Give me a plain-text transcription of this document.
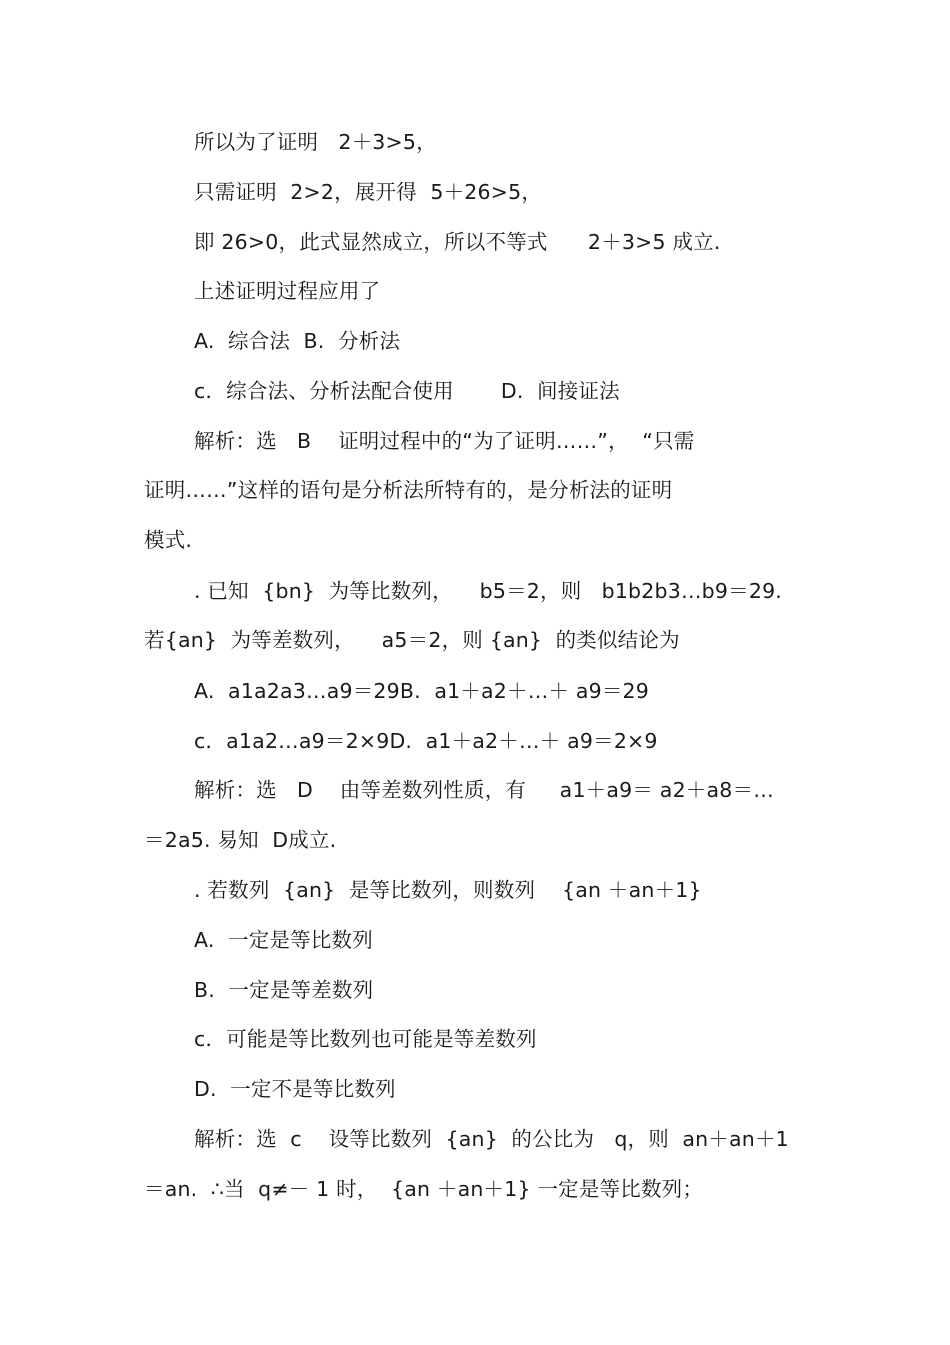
所以为了证明   2＋3>5，
只需证明  2>2，展开得  5＋26>5，
即 26>0，此式显然成立，所以不等式      2＋3>5 成立.
上述证明过程应用了
A.  综合法  B.  分析法
c．综合法、分析法配合使用       D.  间接证法
解析：选   B    证明过程中的“为了证明……”，  “只需
证明……”这样的语句是分析法所特有的，是分析法的证明
模式.
. 已知  {bn}  为等比数列，    b5＝2，则   b1b2b3…b9＝29.
若{an}  为等差数列，    a5＝2，则 {an}  的类似结论为
A.  a1a2a3…a9＝29B.  a1＋a2＋…＋ a9＝29
c．a1a2…a9＝2×9D.  a1＋a2＋…＋ a9＝2×9
解析：选   D    由等差数列性质，有     a1＋a9＝ a2＋a8＝…
＝2a5. 易知  D成立.
. 若数列  {an}  是等比数列，则数列    {an ＋an＋1}
A.  一定是等比数列
B.  一定是等差数列
c．可能是等比数列也可能是等差数列
D.  一定不是等比数列
解析：选  c    设等比数列  {an}  的公比为   q，则  an＋an＋1
＝an.  ∴当  q≠－ 1 时，  {an ＋an＋1} 一定是等比数列；
